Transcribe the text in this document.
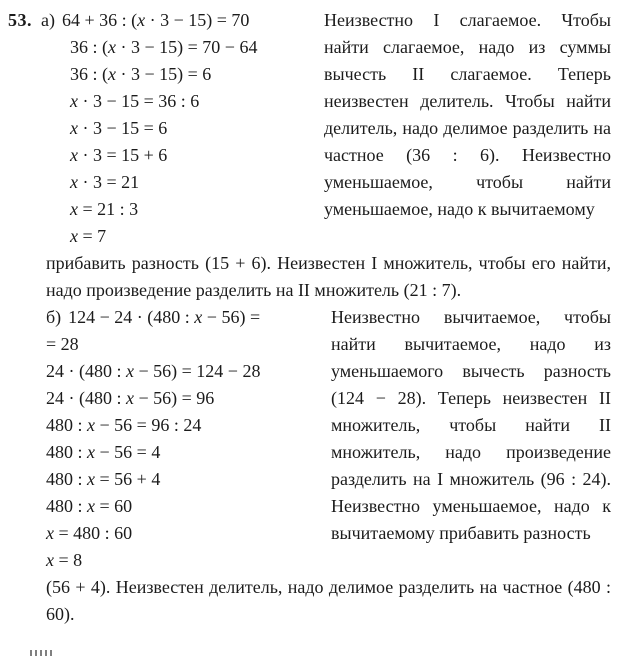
53. а) 64 + 36 : (x · 3 − 15) = 70
36 : (x · 3 − 15) = 70 − 64
36 : (x · 3 − 15) = 6
x · 3 − 15 = 36 : 6
x · 3 − 15 = 6
x · 3 = 15 + 6
x · 3 = 21
x = 21 : 3
x = 7
Неизвестно I слагаемое. Чтобы найти слагаемое, надо из суммы вычесть II слагаемое. Теперь неизвестен делитель. Чтобы найти делитель, надо делимое разделить на частное (36 : 6). Неизвестно уменьшаемое, чтобы найти уменьшаемое, надо к вычитаемому

прибавить разность (15 + 6). Неизвестен I множитель, чтобы его найти, надо произведение разделить на II множитель (21 : 7).

б) 124 − 24 · (480 : x − 56) =
= 28
24 · (480 : x − 56) = 124 − 28
24 · (480 : x − 56) = 96
480 : x − 56 = 96 : 24
480 : x − 56 = 4
480 : x = 56 + 4
480 : x = 60
x = 480 : 60
x = 8
Неизвестно вычитаемое, чтобы найти вычитаемое, надо из уменьшаемого вычесть разность (124 − 28). Теперь неизвестен II множитель, чтобы найти II множитель, надо произведение разделить на I множитель (96 : 24). Неизвестно уменьшаемое, надо к вычитаемому прибавить разность

(56 + 4). Неизвестен делитель, надо делимое разделить на частное (480 : 60).
